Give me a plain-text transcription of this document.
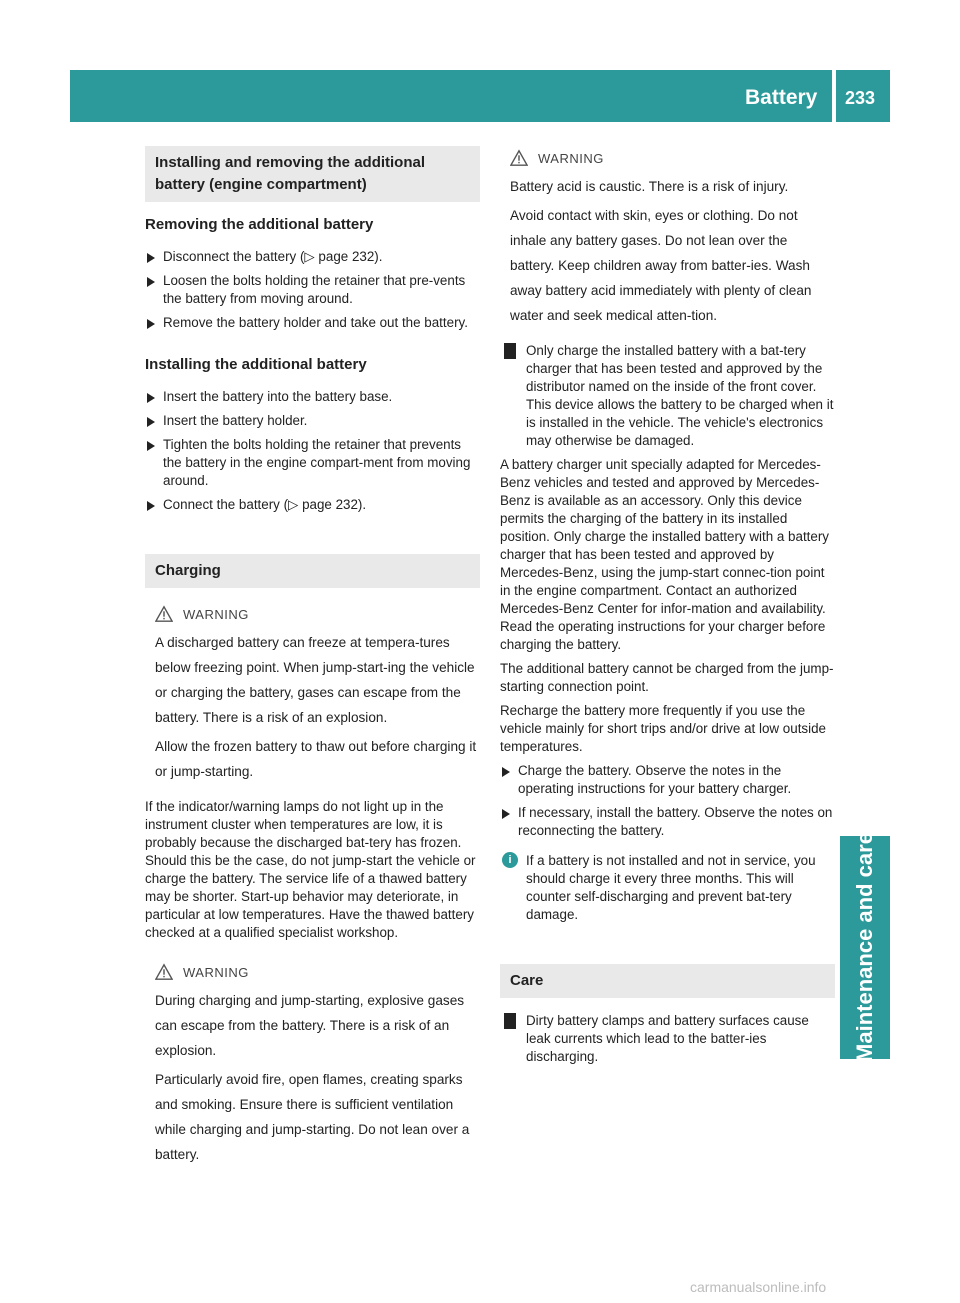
Battery 233
Maintenance and care
Installing and removing the additional battery (engine compartment)
Removing the additional battery
Disconnect the battery (▷ page 232).
Loosen the bolts holding the retainer that pre-vents the battery from moving around.
Remove the battery holder and take out the battery.
Installing the additional battery
Insert the battery into the battery base.
Insert the battery holder.
Tighten the bolts holding the retainer that prevents the battery in the engine compart-ment from moving around.
Connect the battery (▷ page 232).
Charging
WARNING
A discharged battery can freeze at tempera-tures below freezing point. When jump-start-ing the vehicle or charging the battery, gases can escape from the battery. There is a risk of an explosion.
Allow the frozen battery to thaw out before charging it or jump-starting.
If the indicator/warning lamps do not light up in the instrument cluster when temperatures are low, it is probably because the discharged bat-tery has frozen. Should this be the case, do not jump-start the vehicle or charge the battery. The service life of a thawed battery may be shorter. Start-up behavior may deteriorate, in particular at low temperatures. Have the thawed battery checked at a qualified specialist workshop.
WARNING
During charging and jump-starting, explosive gases can escape from the battery. There is a risk of an explosion.
Particularly avoid fire, open flames, creating sparks and smoking. Ensure there is sufficient ventilation while charging and jump-starting. Do not lean over a battery.
WARNING
Battery acid is caustic. There is a risk of injury.
Avoid contact with skin, eyes or clothing. Do not inhale any battery gases. Do not lean over the battery. Keep children away from batter-ies. Wash away battery acid immediately with plenty of clean water and seek medical atten-tion.
Only charge the installed battery with a bat-tery charger that has been tested and approved by the distributor named on the inside of the front cover. This device allows the battery to be charged when it is installed in the vehicle. The vehicle's electronics may otherwise be damaged.
A battery charger unit specially adapted for Mercedes-Benz vehicles and tested and approved by Mercedes-Benz is available as an accessory. Only this device permits the charging of the battery in its installed position. Only charge the installed battery with a battery charger that has been tested and approved by Mercedes-Benz, using the jump-start connec-tion point in the engine compartment. Contact an authorized Mercedes-Benz Center for infor-mation and availability. Read the operating instructions for your charger before charging the battery.
The additional battery cannot be charged from the jump-starting connection point.
Recharge the battery more frequently if you use the vehicle mainly for short trips and/or drive at low outside temperatures.
Charge the battery. Observe the notes in the operating instructions for your battery charger.
If necessary, install the battery. Observe the notes on reconnecting the battery.
i	If a battery is not installed and not in service, you should charge it every three months. This will counter self-discharging and prevent bat-tery damage.
Care
Dirty battery clamps and battery surfaces cause leak currents which lead to the batter-ies discharging.
carmanualsonline.info
